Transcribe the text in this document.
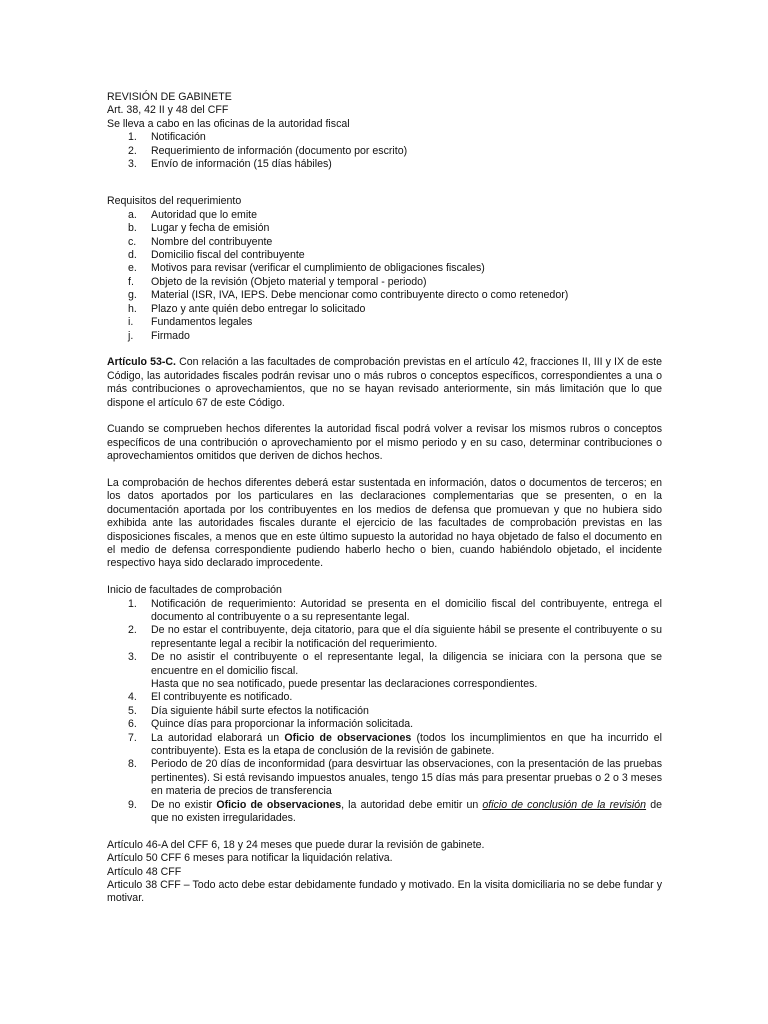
REVISIÓN DE GABINETE

Art. 38, 42 II y 48 del CFF

Se lleva a cabo en las oficinas de la autoridad fiscal

1. Notificación
2. Requerimiento de información (documento por escrito)
3. Envío de información (15 días hábiles)

Requisitos del requerimiento

a. Autoridad que lo emite
b. Lugar y fecha de emisión
c. Nombre del contribuyente
d. Domicilio fiscal del contribuyente
e. Motivos para revisar (verificar el cumplimiento de obligaciones fiscales)
f. Objeto de la revisión (Objeto material y temporal - periodo)
g. Material (ISR, IVA, IEPS. Debe mencionar como contribuyente directo o como retenedor)
h. Plazo y ante quién debo entregar lo solicitado
i. Fundamentos legales
j. Firmado

Artículo 53-C. Con relación a las facultades de comprobación previstas en el artículo 42, fracciones II, III y IX de este Código, las autoridades fiscales podrán revisar uno o más rubros o conceptos específicos, correspondientes a una o más contribuciones o aprovechamientos, que no se hayan revisado anteriormente, sin más limitación que lo que dispone el artículo 67 de este Código.

Cuando se comprueben hechos diferentes la autoridad fiscal podrá volver a revisar los mismos rubros o conceptos específicos de una contribución o aprovechamiento por el mismo periodo y en su caso, determinar contribuciones o aprovechamientos omitidos que deriven de dichos hechos.

La comprobación de hechos diferentes deberá estar sustentada en información, datos o documentos de terceros; en los datos aportados por los particulares en las declaraciones complementarias que se presenten, o en la documentación aportada por los contribuyentes en los medios de defensa que promuevan y que no hubiera sido exhibida ante las autoridades fiscales durante el ejercicio de las facultades de comprobación previstas en las disposiciones fiscales, a menos que en este último supuesto la autoridad no haya objetado de falso el documento en el medio de defensa correspondiente pudiendo haberlo hecho o bien, cuando habiéndolo objetado, el incidente respectivo haya sido declarado improcedente.

Inicio de facultades de comprobación

1. Notificación de requerimiento: Autoridad se presenta en el domicilio fiscal del contribuyente, entrega el documento al contribuyente o a su representante legal.
2. De no estar el contribuyente, deja citatorio, para que el día siguiente hábil se presente el contribuyente o su representante legal a recibir la notificación del requerimiento.
3. De no asistir el contribuyente o el representante legal, la diligencia se iniciara con la persona que se encuentre en el domicilio fiscal.

Hasta que no sea notificado, puede presentar las declaraciones correspondientes.

4. El contribuyente es notificado.
5. Día siguiente hábil surte efectos la notificación
6. Quince días para proporcionar la información solicitada.
7. La autoridad elaborará un Oficio de observaciones (todos los incumplimientos en que ha incurrido el contribuyente). Esta es la etapa de conclusión de la revisión de gabinete.
8. Periodo de 20 días de inconformidad (para desvirtuar las observaciones, con la presentación de las pruebas pertinentes). Si está revisando impuestos anuales, tengo 15 días más para presentar pruebas o 2 o 3 meses en materia de precios de transferencia
9. De no existir Oficio de observaciones, la autoridad debe emitir un oficio de conclusión de la revisión de que no existen irregularidades.

Artículo 46-A del CFF 6, 18 y 24 meses que puede durar la revisión de gabinete.

Artículo 50 CFF 6 meses para notificar la liquidación relativa.

Artículo 48 CFF

Articulo 38 CFF – Todo acto debe estar debidamente fundado y motivado. En la visita domiciliaria no se debe fundar y motivar.
